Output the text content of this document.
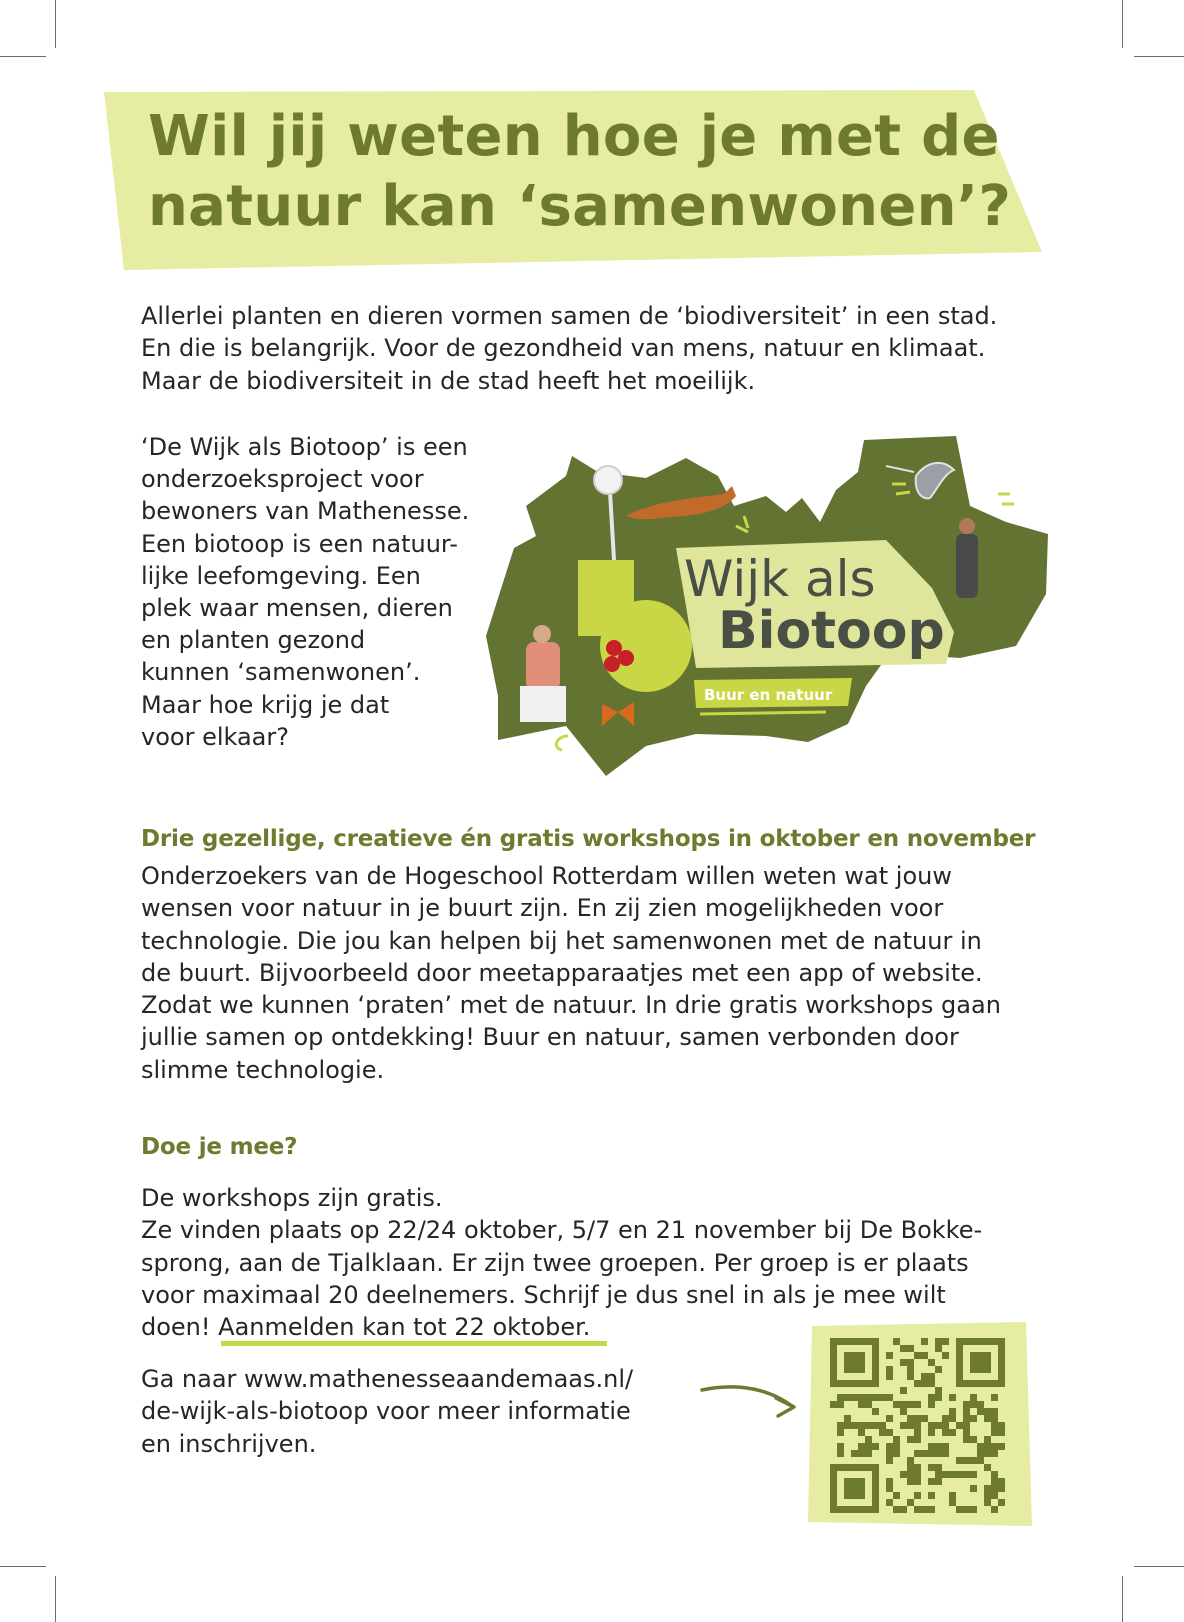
Wil jij weten hoe je met de
natuur kan ‘samenwonen’?

Allerlei planten en dieren vormen samen de ‘biodiversiteit’ in een stad.
En die is belangrijk. Voor de gezondheid van mens, natuur en klimaat.
Maar de biodiversiteit in de stad heeft het moeilijk.

‘De Wijk als Biotoop’ is een
onderzoeksproject voor
bewoners van Mathenesse.
Een biotoop is een natuur-
lijke leefomgeving. Een
plek waar mensen, dieren
en planten gezond
kunnen ‘samenwonen’.
Maar hoe krijg je dat
voor elkaar?

Wijk als
Biotoop
Buur en natuur
Drie gezellige, creatieve én gratis workshops in oktober en november

Onderzoekers van de Hogeschool Rotterdam willen weten wat jouw
wensen voor natuur in je buurt zijn. En zij zien mogelijkheden voor
technologie. Die jou kan helpen bij het samenwonen met de natuur in
de buurt. Bijvoorbeeld door meetapparaatjes met een app of website.
Zodat we kunnen ‘praten’ met de natuur. In drie gratis workshops gaan
jullie samen op ontdekking! Buur en natuur, samen verbonden door
slimme technologie.

Doe je mee?

De workshops zijn gratis.
Ze vinden plaats op 22/24 oktober, 5/7 en 21 november bij De Bokke-
sprong, aan de Tjalklaan. Er zijn twee groepen. Per groep is er plaats
voor maximaal 20 deelnemers. Schrijf je dus snel in als je mee wilt
doen! Aanmelden kan tot 22 oktober.

Ga naar www.mathenesseaandemaas.nl/
de-wijk-als-biotoop voor meer informatie
en inschrijven.
